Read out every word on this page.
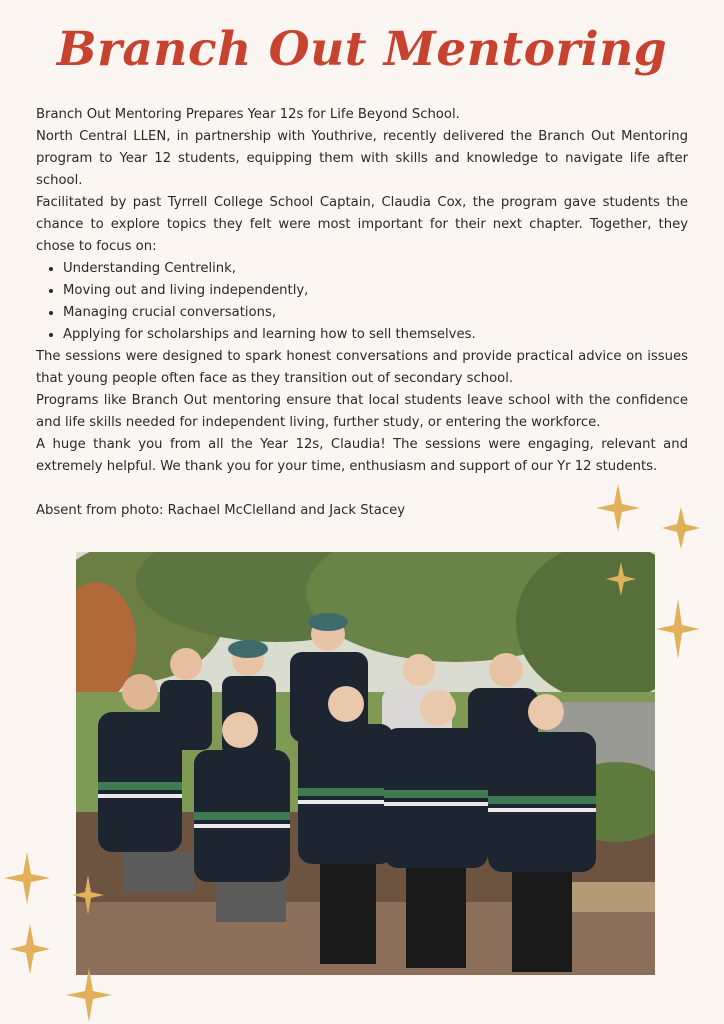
Branch Out Mentoring

Branch Out Mentoring Prepares Year 12s for Life Beyond School.

North Central LLEN, in partnership with Youthrive, recently delivered the Branch Out Mentoring program to Year 12 students, equipping them with skills and knowledge to navigate life after school.

Facilitated by past Tyrrell College School Captain, Claudia Cox, the program gave students the chance to explore topics they felt were most important for their next chapter. Together, they chose to focus on:

• Understanding Centrelink,
• Moving out and living independently,
• Managing crucial conversations,
• Applying for scholarships and learning how to sell themselves.

The sessions were designed to spark honest conversations and provide practical advice on issues that young people often face as they transition out of secondary school.

Programs like Branch Out mentoring ensure that local students leave school with the confidence and life skills needed for independent living, further study, or entering the workforce.

A huge thank you from all the Year 12s, Claudia! The sessions were engaging, relevant and extremely helpful. We thank you for your time, enthusiasm and support of our Yr 12 students.

Absent from photo: Rachael McClelland and Jack Stacey
